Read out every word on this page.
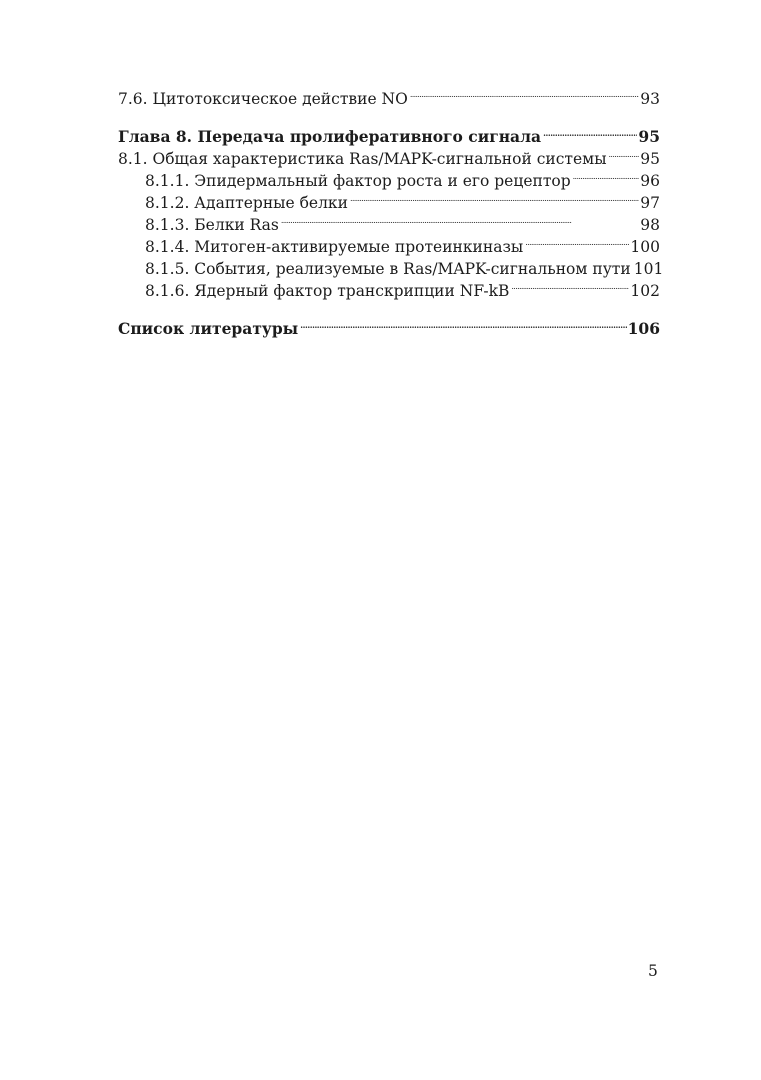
7.6. Цитотоксическое действие NO . . .	93
Глава 8. Передача пролиферативного сигнала . . .	95
8.1. Общая характеристика Ras/MAPK-сигнальной системы . . . 95
8.1.1. Эпидермальный фактор роста и его рецептор . . .	96
8.1.2. Адаптерные белки . . .	97
8.1.3. Белки Ras . . .	98
8.1.4. Митоген-активируемые протеинкиназы . . .	100
8.1.5. События, реализуемые в Ras/MAPK-сигнальном пути 101
8.1.6. Ядерный фактор транскрипции NF-kB . . .	102
Список литературы . . .	106
5
